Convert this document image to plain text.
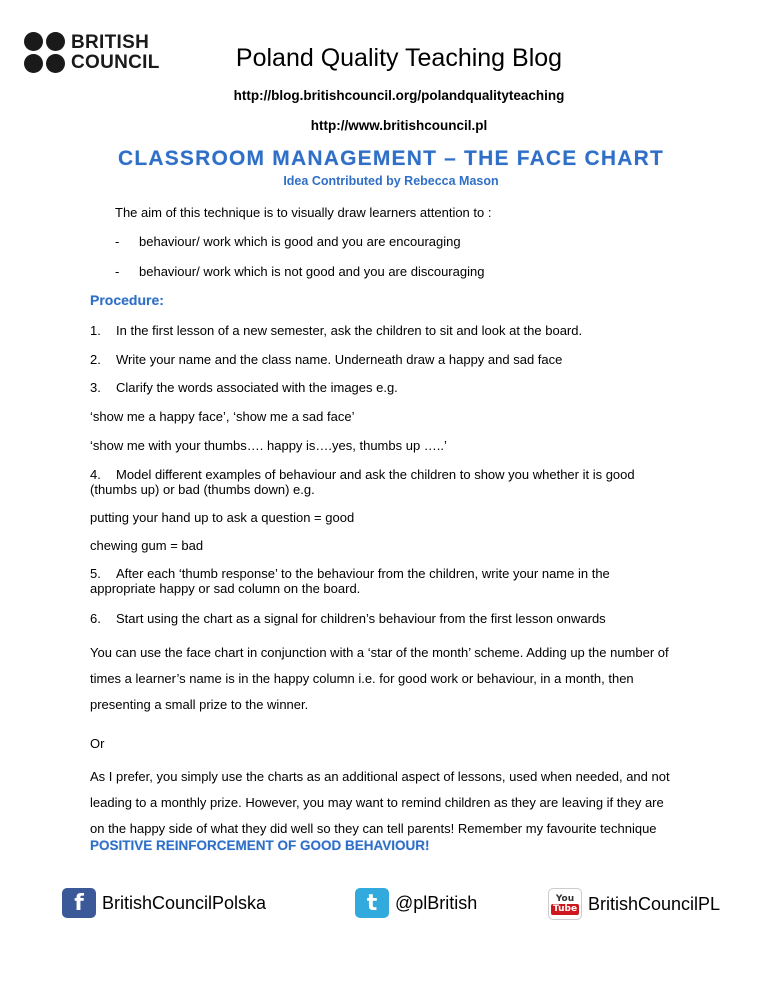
BRITISH
COUNCIL	Poland Quality Teaching Blog
http://blog.britishcouncil.org/polandqualityteaching
http://www.britishcouncil.pl
CLASSROOM MANAGEMENT – THE FACE CHART
Idea Contributed by Rebecca Mason
The aim of this technique is to visually draw learners attention to :
- behaviour/ work which is good and you are encouraging
- behaviour/ work which is not good and you are discouraging
Procedure:
1. In the first lesson of a new semester, ask the children to sit and look at the board.
2. Write your name and the class name. Underneath draw a happy and sad face
3. Clarify the words associated with the images e.g.
‘show me a happy face’, ‘show me a sad face’
‘show me with your thumbs…. happy is….yes, thumbs up …..’
4. Model different examples of behaviour and ask the children to show you whether it is good
(thumbs up) or bad (thumbs down) e.g.
putting your hand up to ask a question = good
chewing gum = bad
5. After each ‘thumb response’ to the behaviour from the children, write your name in the
appropriate happy or sad column on the board.
6. Start using the chart as a signal for children’s behaviour from the first lesson onwards
You can use the face chart in conjunction with a ‘star of the month’ scheme. Adding up the number of
times a learner’s name is in the happy column i.e. for good work or behaviour, in a month, then
presenting a small prize to the winner.
Or
As I prefer, you simply use the charts as an additional aspect of lessons, used when needed, and not
leading to a monthly prize. However, you may want to remind children as they are leaving if they are
on the happy side of what they did well so they can tell parents! Remember my favourite technique
POSITIVE REINFORCEMENT OF GOOD BEHAVIOUR!
f	BritishCouncilPolska	t @plBritish	You
Tube BritishCouncilPL
